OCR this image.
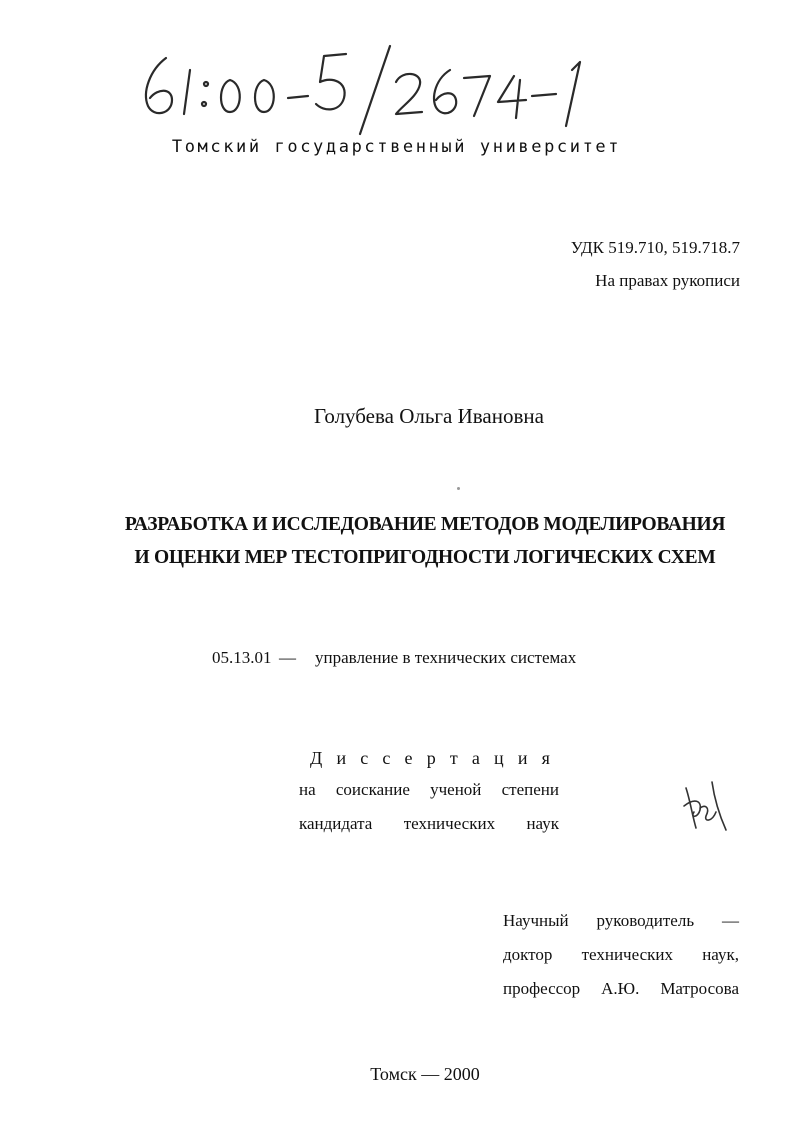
Томский государственный университет
УДК 519.710, 519.718.7
На правах рукописи
Голубева Ольга Ивановна
РАЗРАБОТКА И ИССЛЕДОВАНИЕ МЕТОДОВ МОДЕЛИРОВАНИЯ
И ОЦЕНКИ МЕР ТЕСТОПРИГОДНОСТИ ЛОГИЧЕСКИХ СХЕМ
05.13.01 — управление в технических системах
Д и с с е р т а ц и я
на соискание ученой степени
кандидата технических наук
Научный руководитель —
доктор технических наук,
профессор А.Ю. Матросова
Томск — 2000
